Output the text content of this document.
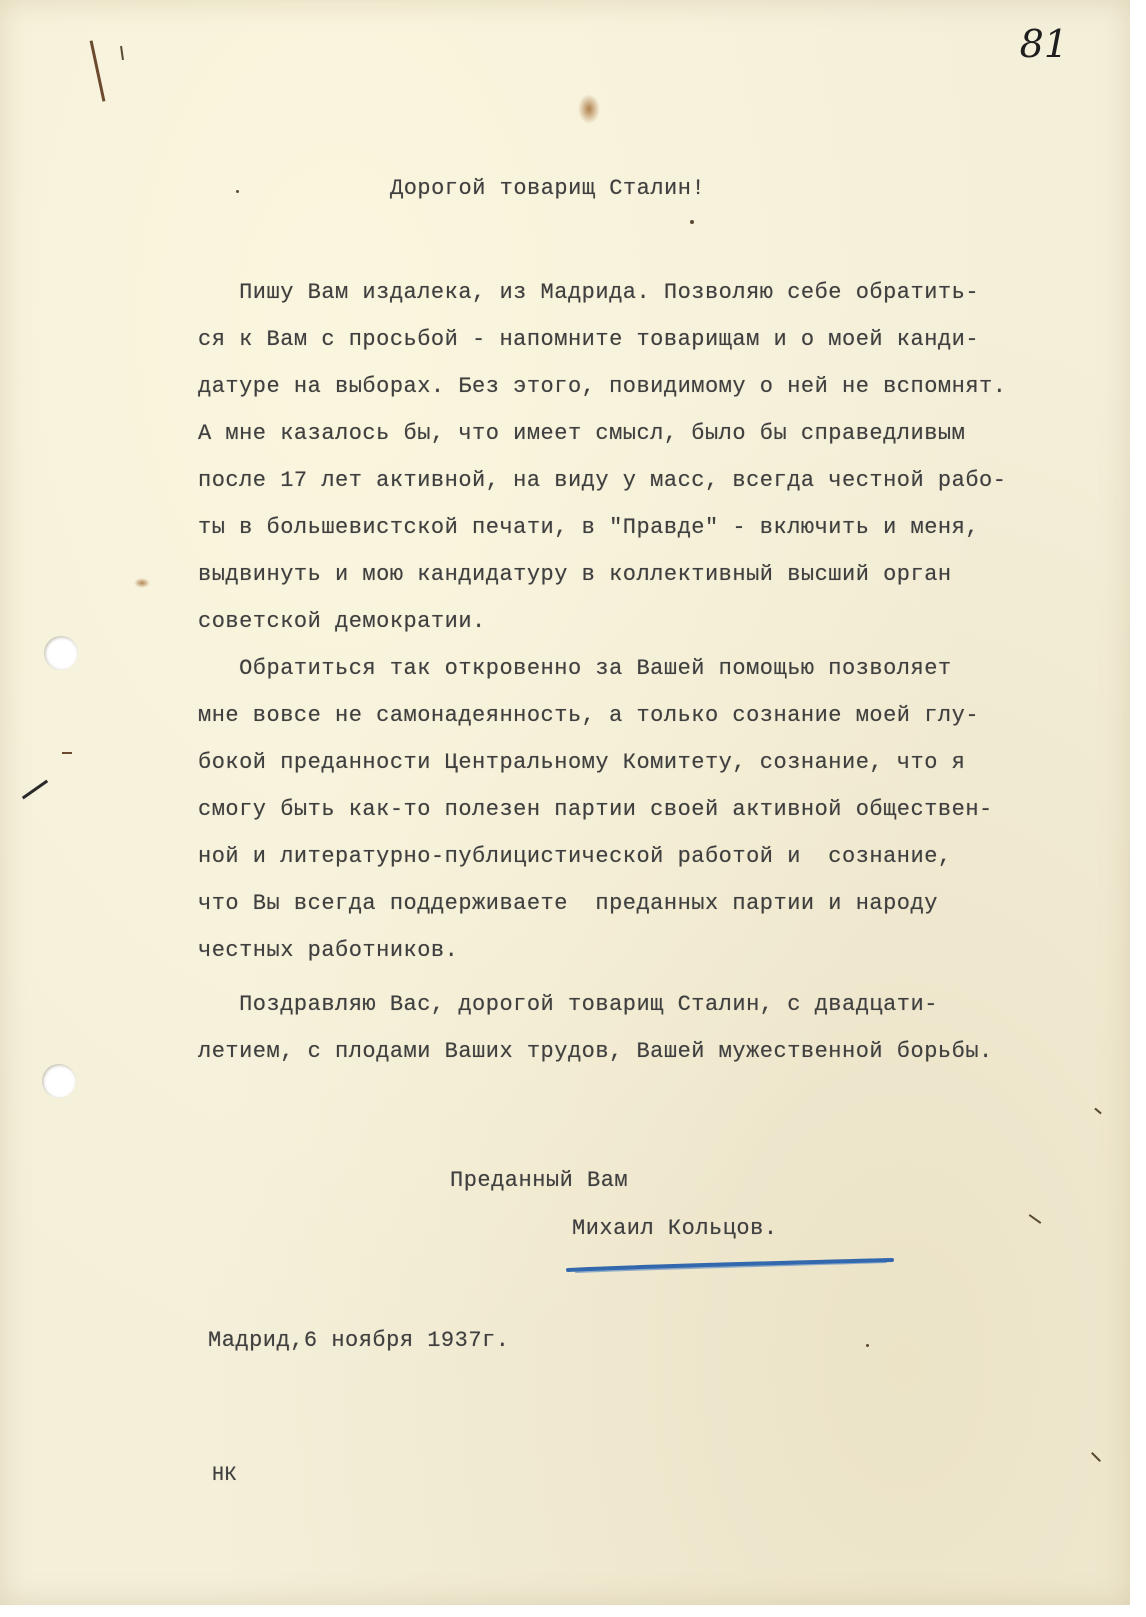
81
Дорогой товарищ Сталин!
Пишу Вам издалека, из Мадрида. Позволяю себе обратить-
ся к Вам с просьбой - напомните товарищам и о моей канди-
датуре на выборах. Без этого, повидимому о ней не вспомнят.
А мне казалось бы, что имеет смысл, было бы справедливым
после 17 лет активной, на виду у масс, всегда честной рабо-
ты в большевистской печати, в "Правде" - включить и меня,
выдвинуть и мою кандидатуру в коллективный высший орган
советской демократии.
Обратиться так откровенно за Вашей помощью позволяет
мне вовсе не самонадеянность, а только сознание моей глу-
бокой преданности Центральному Комитету, сознание, что я
смогу быть как-то полезен партии своей активной обществен-
ной и литературно-публицистической работой и  сознание,
что Вы всегда поддерживаете  преданных партии и народу
честных работников.
Поздравляю Вас, дорогой товарищ Сталин, с двадцати-
летием, с плодами Ваших трудов, Вашей мужественной борьбы.
Преданный Вам
Михаил Кольцов.
Мадрид,6 ноября 1937г.
НК
